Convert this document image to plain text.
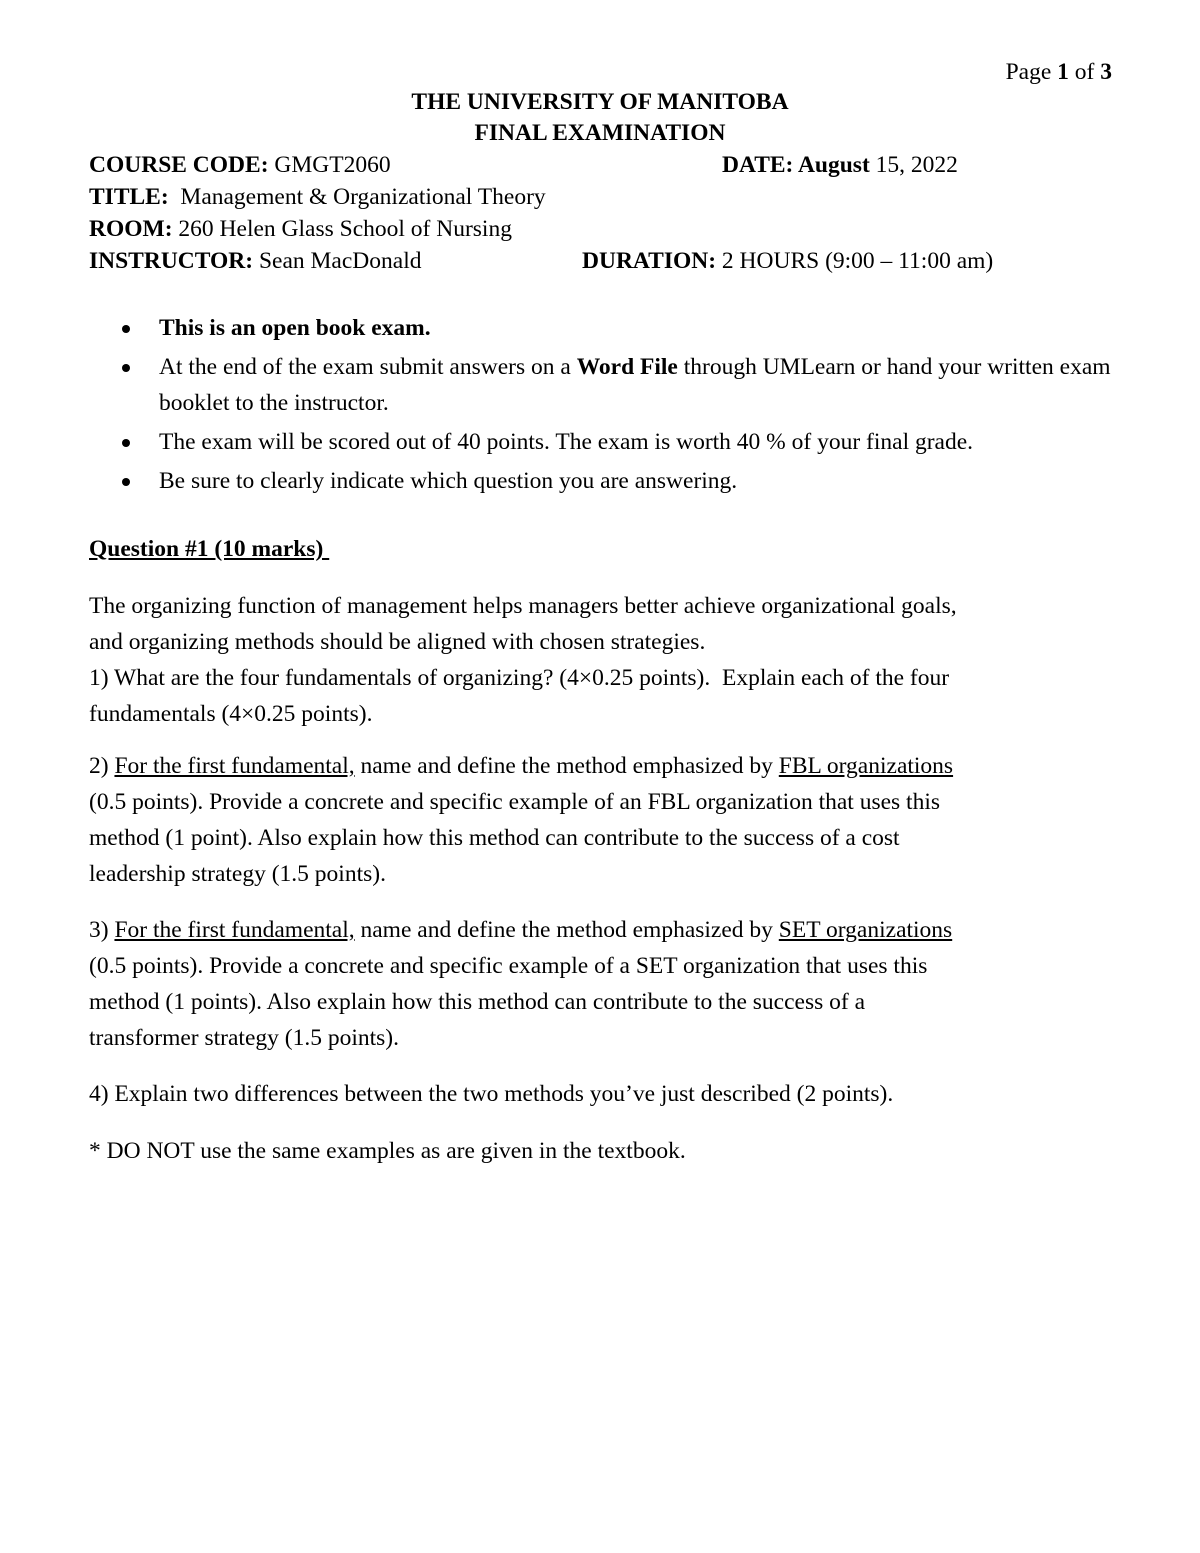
Page 1 of 3
THE UNIVERSITY OF MANITOBA
FINAL EXAMINATION
COURSE CODE: GMGT2060	DATE: August 15, 2022
TITLE: Management & Organizational Theory
ROOM: 260 Helen Glass School of Nursing
INSTRUCTOR: Sean MacDonald	DURATION: 2 HOURS (9:00 – 11:00 am)
This is an open book exam.
At the end of the exam submit answers on a Word File through UMLearn or hand your written exam booklet to the instructor.
The exam will be scored out of 40 points. The exam is worth 40 % of your final grade.
Be sure to clearly indicate which question you are answering.
Question #1 (10 marks)

The organizing function of management helps managers better achieve organizational goals,

and organizing methods should be aligned with chosen strategies.

1) What are the four fundamentals of organizing? (4×0.25 points).  Explain each of the four

fundamentals (4×0.25 points).

2) For the first fundamental, name and define the method emphasized by FBL organizations

(0.5 points). Provide a concrete and specific example of an FBL organization that uses this

method (1 point). Also explain how this method can contribute to the success of a cost

leadership strategy (1.5 points).

3) For the first fundamental, name and define the method emphasized by SET organizations

(0.5 points). Provide a concrete and specific example of a SET organization that uses this

method (1 points). Also explain how this method can contribute to the success of a

transformer strategy (1.5 points).

4) Explain two differences between the two methods you’ve just described (2 points).
* DO NOT use the same examples as are given in the textbook.
